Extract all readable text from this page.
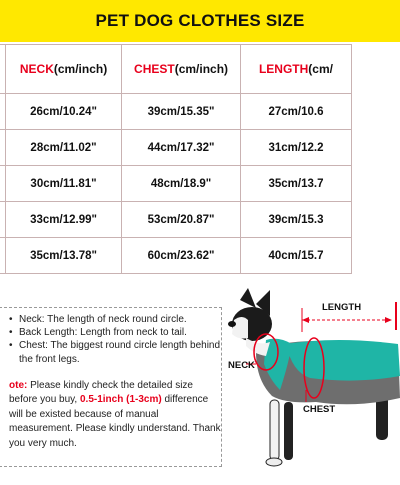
PET DOG CLOTHES SIZE
	NECK(cm/inch)	CHEST(cm/inch)	LENGTH(cm/
	26cm/10.24"	39cm/15.35"	27cm/10.6
	28cm/11.02"	44cm/17.32"	31cm/12.2
	30cm/11.81"	48cm/18.9"	35cm/13.7
	33cm/12.99"	53cm/20.87"	39cm/15.3
	35cm/13.78"	60cm/23.62"	40cm/15.7
• Neck: The length of neck round circle.
• Back Length: Length from neck to tail.
• Chest: The biggest round circle length behind the front legs.
ote: Please kindly check the detailed size before you buy, 0.5-1inch (1-3cm) difference will be existed because of manual measurement. Please kindly understand. Thank you very much.
LENGTH
NECK
CHEST
